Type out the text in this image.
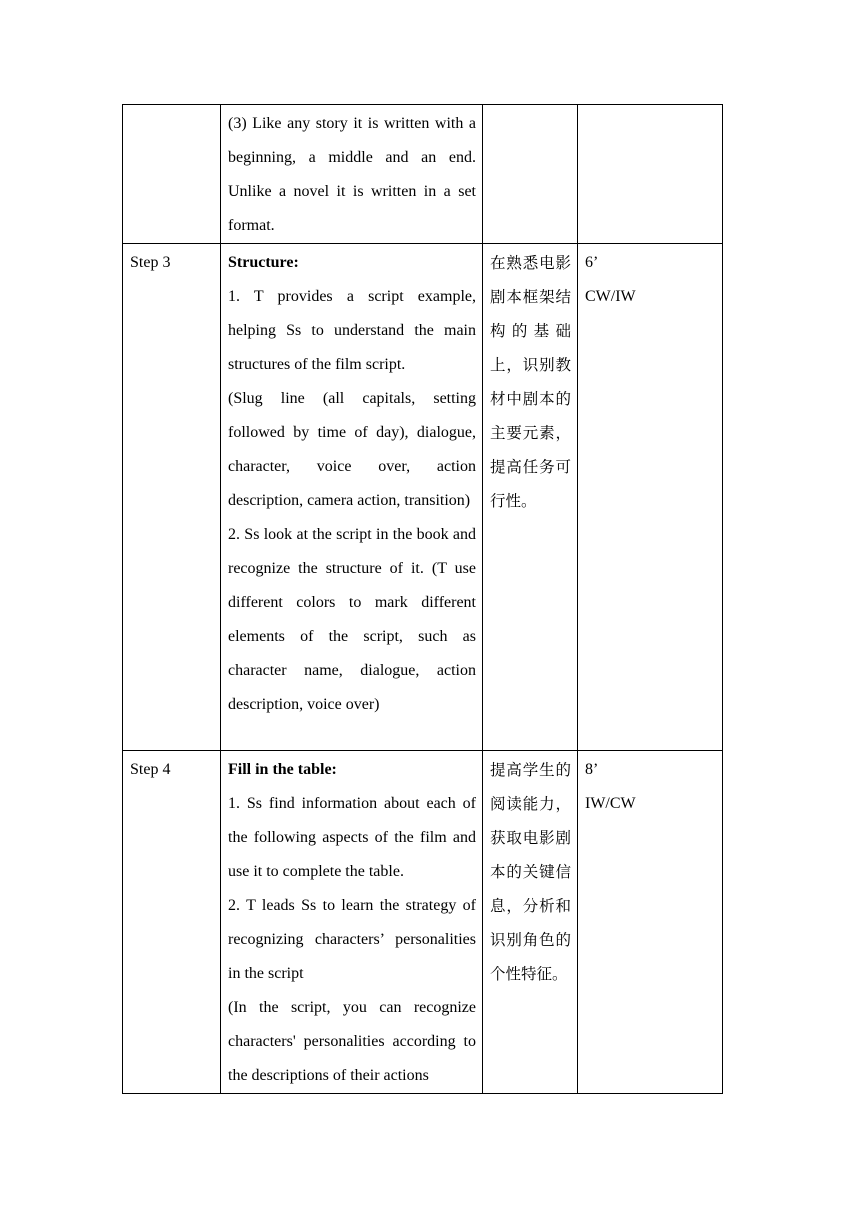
	(3) Like any story it is written with a beginning, a middle and an end. Unlike a novel it is written in a set format.		

Step 3	Structure:
1. T provides a script example, helping Ss to understand the main structures of the film script.
(Slug line (all capitals, setting followed by time of day), dialogue, character, voice over, action description, camera action, transition)
2. Ss look at the script in the book and recognize the structure of it. (T use different colors to mark different elements of the script, such as character name, dialogue, action description, voice over)	在熟悉电影剧本框架结构的基础上，识别教材中剧本的主要元素，提高任务可行性。	6’
CW/IW

Step 4	Fill in the table:
1. Ss find information about each of the following aspects of the film and use it to complete the table.
2. T leads Ss to learn the strategy of recognizing characters’ personalities in the script
(In the script, you can recognize characters' personalities according to the descriptions of their actions	提高学生的阅读能力，获取电影剧本的关键信息，分析和识别角色的个性特征。	8’
IW/CW
